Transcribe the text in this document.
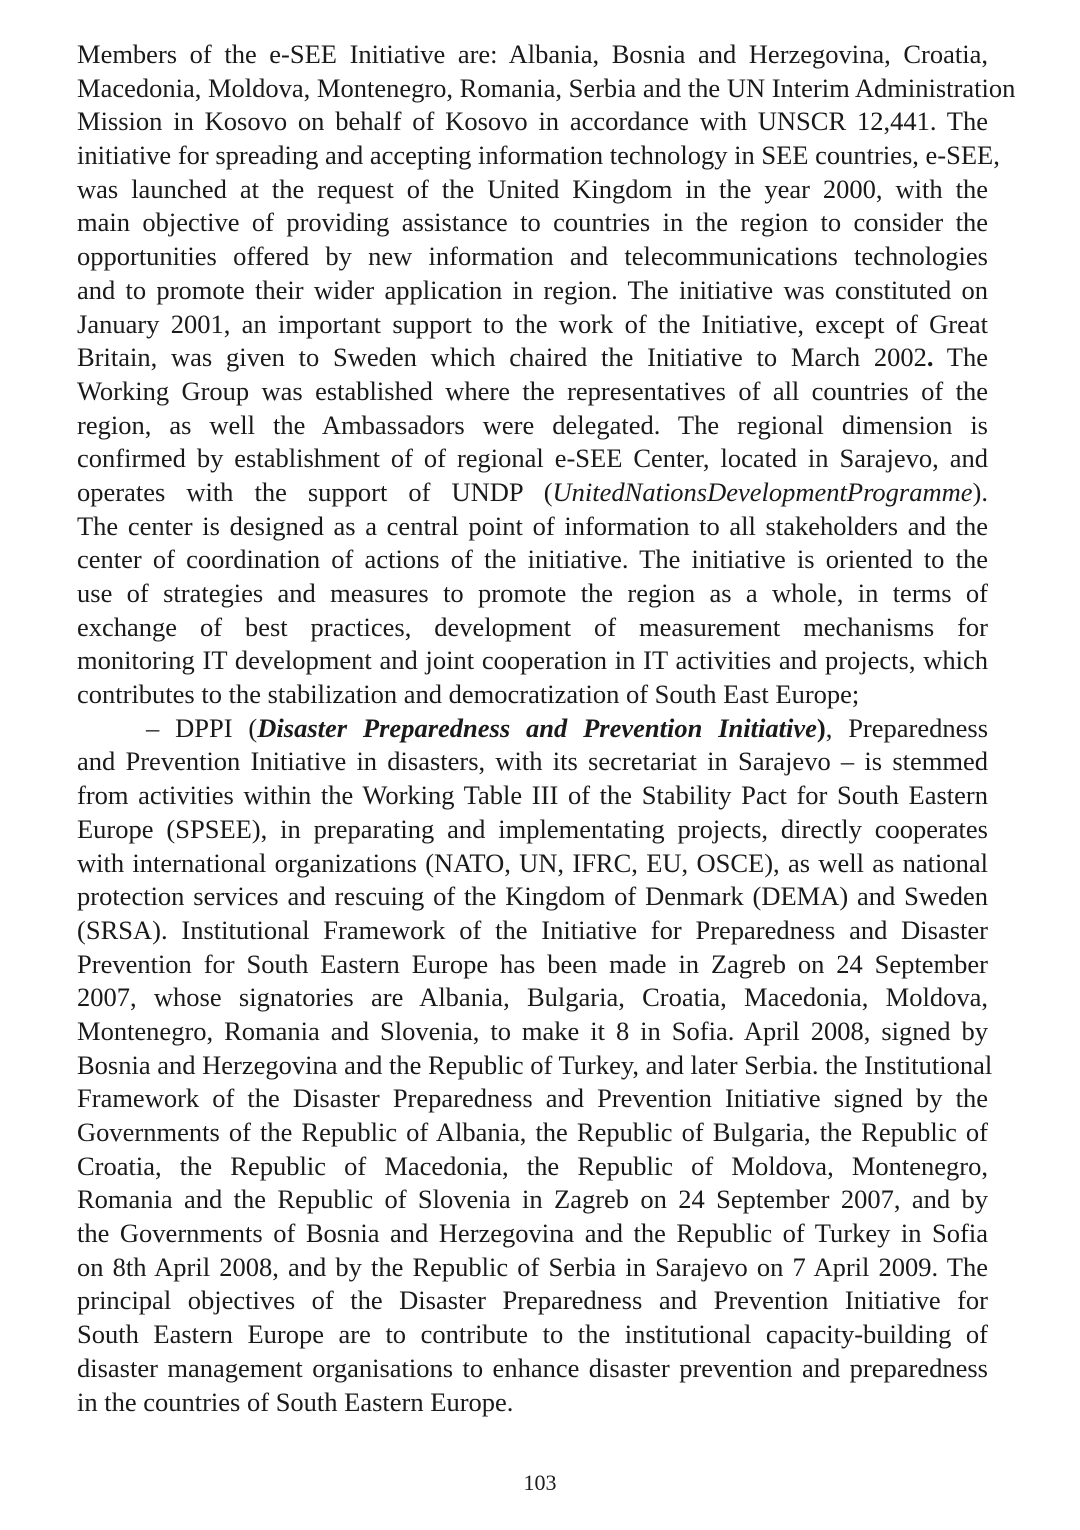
Members of the e-SEE Initiative are: Albania, Bosnia and Herzegovina, Croatia,
Macedonia, Moldova, Montenegro, Romania, Serbia and the UN Interim Administration
Mission in Kosovo on behalf of Kosovo in accordance with UNSCR 12,441. The
initiative for spreading and accepting information technology in SEE countries, e-SEE,
was launched at the request of the United Kingdom in the year 2000, with the
main objective of providing assistance to countries in the region to consider the
opportunities offered by new information and telecommunications technologies
and to promote their wider application in region. The initiative was constituted on
January 2001, an important support to the work of the Initiative, except of Great
Britain, was given to Sweden which chaired the Initiative to March 2002. The
Working Group was established where the representatives of all countries of the
region, as well the Ambassadors were delegated. The regional dimension is
confirmed by establishment of of regional e-SEE Center, located in Sarajevo, and
operates with the support of UNDP (UnitedNationsDevelopmentProgramme).
The center is designed as a central point of information to all stakeholders and the
center of coordination of actions of the initiative. The initiative is oriented to the
use of strategies and measures to promote the region as a whole, in terms of
exchange of best practices, development of measurement mechanisms for
monitoring IT development and joint cooperation in IT activities and projects, which
contributes to the stabilization and democratization of South East Europe;
– DPPI (Disaster Preparedness and Prevention Initiative), Preparedness
and Prevention Initiative in disasters, with its secretariat in Sarajevo – is stemmed
from activities within the Working Table III of the Stability Pact for South Eastern
Europe (SPSEE), in preparating and implementating projects, directly cooperates
with international organizations (NATO, UN, IFRC, EU, OSCE), as well as national
protection services and rescuing of the Kingdom of Denmark (DEMA) and Sweden
(SRSA). Institutional Framework of the Initiative for Preparedness and Disaster
Prevention for South Eastern Europe has been made in Zagreb on 24 September
2007, whose signatories are Albania, Bulgaria, Croatia, Macedonia, Moldova,
Montenegro, Romania and Slovenia, to make it 8 in Sofia. April 2008, signed by
Bosnia and Herzegovina and the Republic of Turkey, and later Serbia. the Institutional
Framework of the Disaster Preparedness and Prevention Initiative signed by the
Governments of the Republic of Albania, the Republic of Bulgaria, the Republic of
Croatia, the Republic of Macedonia, the Republic of Moldova, Montenegro,
Romania and the Republic of Slovenia in Zagreb on 24 September 2007, and by
the Governments of Bosnia and Herzegovina and the Republic of Turkey in Sofia
on 8th April 2008, and by the Republic of Serbia in Sarajevo on 7 April 2009. The
principal objectives of the Disaster Preparedness and Prevention Initiative for
South Eastern Europe are to contribute to the institutional capacity-building of
disaster management organisations to enhance disaster prevention and preparedness
in the countries of South Eastern Europe.
103
